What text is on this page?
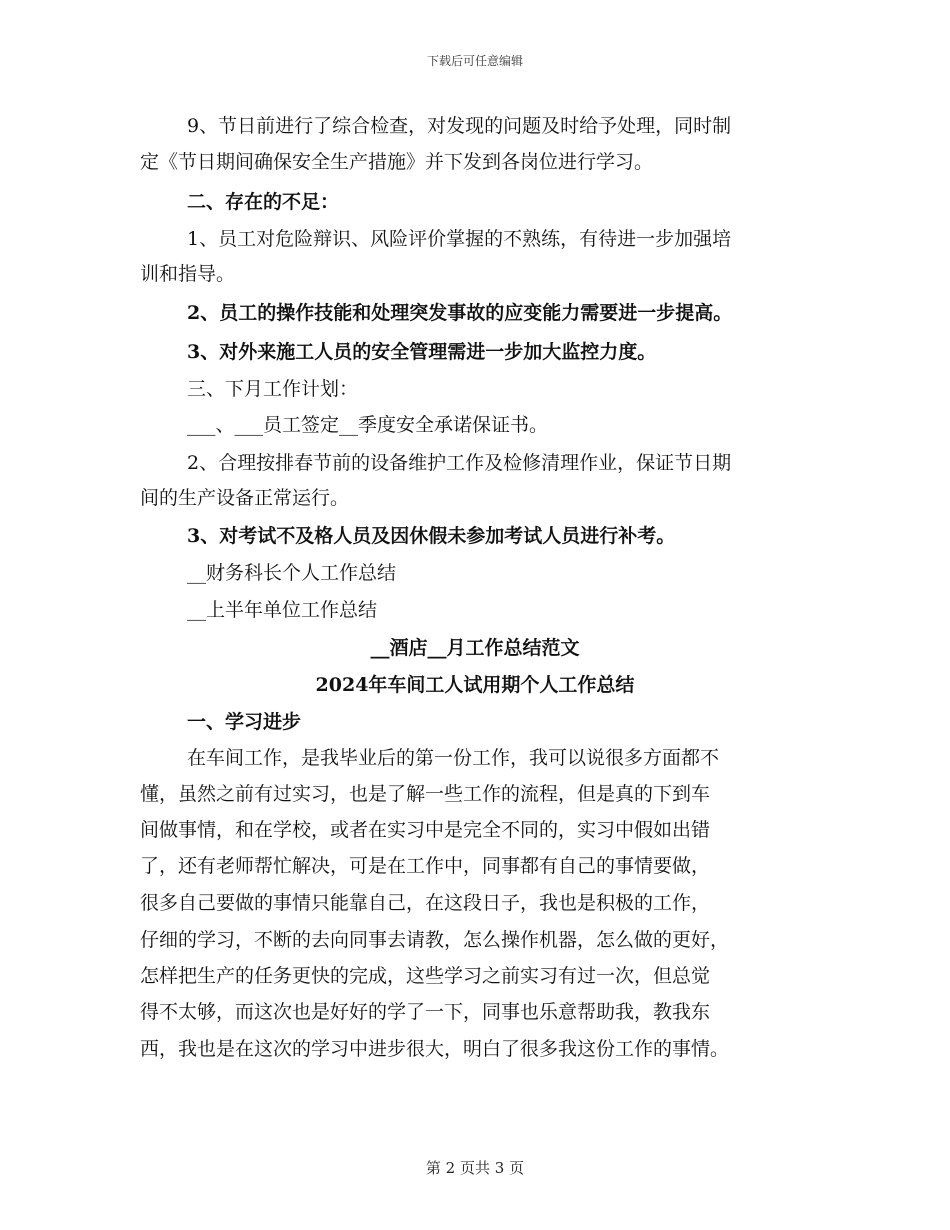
下载后可任意编辑
9、节日前进行了综合检查，对发现的问题及时给予处理，同时制
定《节日期间确保安全生产措施》并下发到各岗位进行学习。
二、存在的不足：
1、员工对危险辩识、风险评价掌握的不熟练，有待进一步加强培
训和指导。
2、员工的操作技能和处理突发事故的应变能力需要进一步提高。
3、对外来施工人员的安全管理需进一步加大监控力度。
三、下月工作计划：
___、___员工签定__季度安全承诺保证书。
2、合理按排春节前的设备维护工作及检修清理作业，保证节日期
间的生产设备正常运行。
3、对考试不及格人员及因休假未参加考试人员进行补考。
__财务科长个人工作总结
__上半年单位工作总结
__酒店__月工作总结范文
2024年车间工人试用期个人工作总结
一、学习进步
在车间工作，是我毕业后的第一份工作，我可以说很多方面都不
懂，虽然之前有过实习，也是了解一些工作的流程，但是真的下到车
间做事情，和在学校，或者在实习中是完全不同的，实习中假如出错
了，还有老师帮忙解决，可是在工作中，同事都有自己的事情要做，
很多自己要做的事情只能靠自己，在这段日子，我也是积极的工作，
仔细的学习，不断的去向同事去请教，怎么操作机器，怎么做的更好，
怎样把生产的任务更快的完成，这些学习之前实习有过一次，但总觉
得不太够，而这次也是好好的学了一下，同事也乐意帮助我，教我东
西，我也是在这次的学习中进步很大，明白了很多我这份工作的事情。
第 2 页共 3 页
